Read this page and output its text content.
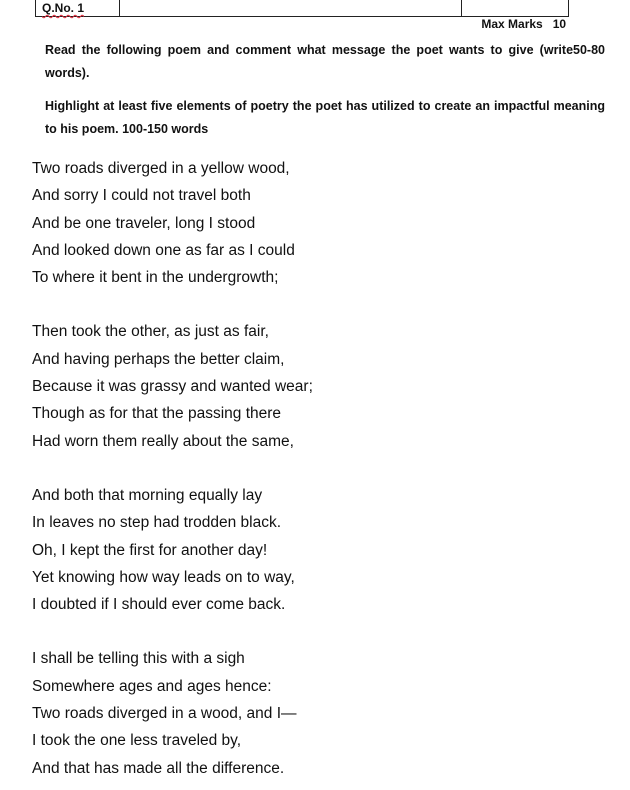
Q.No. 1

Max Marks   10

Read the following poem and comment what message the poet wants to give (write50-80 words).

Highlight at least five elements of poetry the poet has utilized to create an impactful meaning to his poem. 100-150 words

Two roads diverged in a yellow wood,
And sorry I could not travel both
And be one traveler, long I stood
And looked down one as far as I could
To where it bent in the undergrowth;
Then took the other, as just as fair,
And having perhaps the better claim,
Because it was grassy and wanted wear;
Though as for that the passing there
Had worn them really about the same,
And both that morning equally lay
In leaves no step had trodden black.
Oh, I kept the first for another day!
Yet knowing how way leads on to way,
I doubted if I should ever come back.
I shall be telling this with a sigh
Somewhere ages and ages hence:
Two roads diverged in a wood, and I—
I took the one less traveled by,
And that has made all the difference.
